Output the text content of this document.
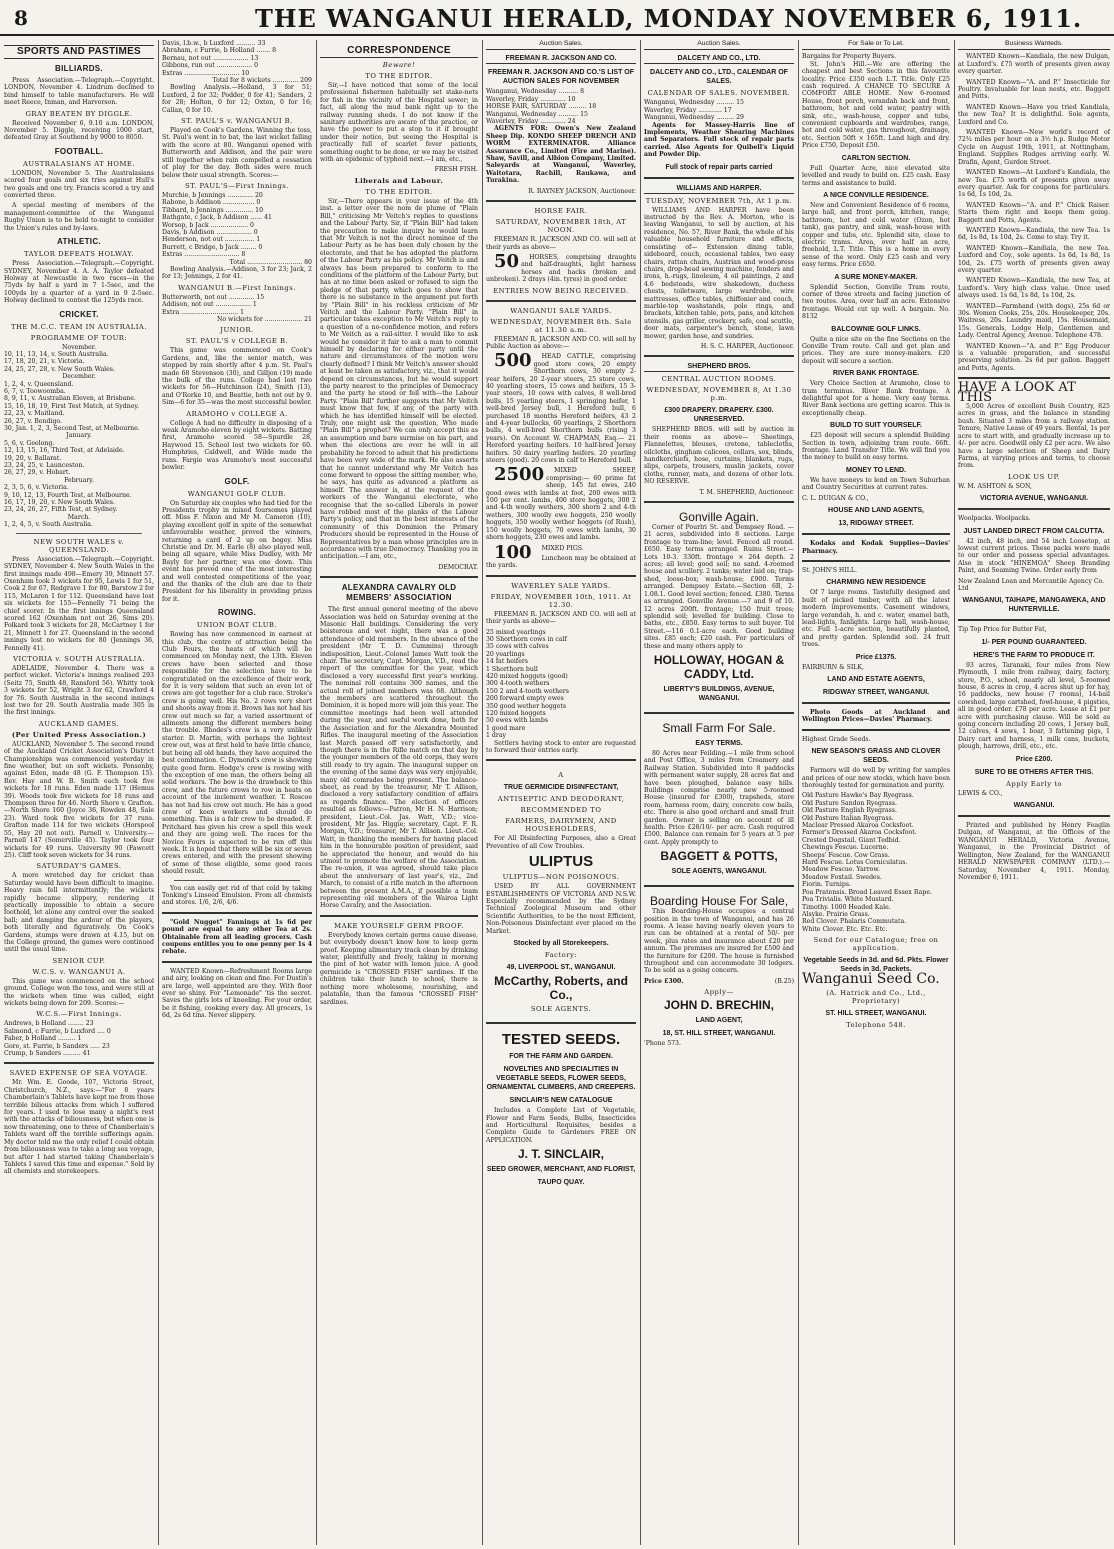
8	THE WANGANUI HERALD, MONDAY NOVEMBER 6, 1911.
SPORTS AND PASTIMES
BILLIARDS.

Press Association.—Telegraph.—Copyright. LONDON, November 4. Lindrum declined to bind himself to table manufacturers. He will meet Reece, Inman, and Harverson.

GRAY BEATEN BY DIGGLE.

Received November 6, 9.10 a.m. LONDON, November 5. Diggle, receiving 1000 start, defeated Gray at Southend by 9000 to 8050.

FOOTBALL.
AUSTRALASIANS AT HOME.

LONDON, November 5. The Australasians scored four goals and six tries against Hull's two goals and one try. Francis scored a try and converted three.

A special meeting of members of the management-committee of the Wanganui Rugby Union is to be held to-night to consider the Union's rules and by-laws.

ATHLETIC.
TAYLOR DEFEATS HOLWAY.

Press Association.—Telegraph.—Copyright. SYDNEY, November 4. A. A. Taylor defeated Holway at Newcastle in two races—in the 75yds by half a yard in 7 1-5sec, and the 100yds by a quarter of a yard in 9 2-5sec. Holway declined to contest the 125yds race.

CRICKET.
THE M.C.C. TEAM IN AUSTRALIA.
PROGRAMME OF TOUR:
November.
10, 11, 13, 14, v. South Australia.
17, 18, 20, 21, v. Victoria.
24, 25, 27, 28, v. New South Wales.
December.
1, 2, 4, v. Queensland.
6, 7, v. Toowoomba.
8, 9, 11, v. Australian Eleven, at Brisbane.
15, 16, 18, 19, First Test Match, at Sydney.
22, 23, v. Maitland.
26, 27, v. Bendigo.
30, Jan. 1, 2, 3, Second Test, at Melbourne.
January.
5, 6, v. Geelong.
12, 13, 15, 16, Third Test, at Adelaide.
19, 20, v. Ballarat.
23, 24, 25, v. Launceston.
26, 27, 29, v. Hobart.
February.
2, 3, 5, 6, v. Victoria.
9, 10, 12, 13, Fourth Test, at Melbourne.
16, 17, 19, 20, v. New South Wales.
23, 24, 26, 27, Fifth Test, at Sydney.
March.
1, 2, 4, 5, v. South Australia.
NEW SOUTH WALES v. QUEENSLAND.

Press Association.—Telegraph.—Copyright. SYDNEY, November 4. New South Wales in the first innings made 498—Emery 39, Minnett 57. Oxenham took 3 wickets for 95, Lewis 1 for 51, Cook 2 for 67, Redgrave 1 for 80, Barstow 2 for 115, McLaren 1 for 112. Queensland have lost six wickets for 155—Fennelly 71 being the chief scorer. In the first innings Queensland scored 162 (Oxenham not out 26, Sims 20). Folkard took 3 wickets for 28, McCartney 1 for 21, Minnett 1 for 27. Queensland in the second innings lost no wickets for 80 (Jennings 36, Fennelly 41).

VICTORIA v. SOUTH AUSTRALIA.

ADELAIDE, November 4. There was a perfect wicket. Victoria's innings realised 293 (Seitz 75, Smith 48, Ransford 56). Whitty took 3 wickets for 52, Wright 3 for 62, Crawford 4 for 76. South Australia in the second innings lost two for 29. South Australia made 305 in the first innings.

AUCKLAND GAMES.
(Per United Press Association.)

AUCKLAND, November 5. The second round of the Auckland Cricket Association's District Championships was commenced yesterday in fine weather, but on soft wickets. Ponsonby, against Eden, made 48 (G. F. Thompson 15). Rev. Hay and W. B. Smith each took five wickets for 18 runs. Eden made 117 (Hemus 39). Woods took five wickets for 18 runs and Thompson three for 46. North Shore v. Grafton.—North Shore 160 (Joyce 36, Rowden 48, Sale 23). Ward took five wickets for 37 runs. Grafton made 114 for two wickets (Horspool 55, Hay 20 not out). Parnell v. University.—Parnell 147 (Somerville 45). Taylor took four wickets for 49 runs. University 90 (Fawcett 25). Cliff took seven wickets for 34 runs.

SATURDAY'S GAMES.

A more wretched day for cricket than Saturday would have been difficult to imagine. Heavy rain fell intermittently; the wickets rapidly became slippery, rendering it practically impossible to obtain a secure foothold, let alone any control over the soaked ball; and damping the ardour of the players, both literally and figuratively. On Cook's Gardens, stumps were drawn at 4.15, but on the College ground, the games were continued until the usual time.

SENIOR CUP.
W.C.S. v. WANGANUI A.

This game was commenced on the school ground. College won the toss, and were still at the wickets when time was called, eight wickets being down for 209. Scores:—

W.C.S.—First Innings.
Andrews, b Holland ........ 23
Salmond, c Furrie, b Luxford .... 0
Faber, b Holland ......... 1
Gore, st. Furrie, b Sanders ..... 23
Crump, b Sanders ......... 41
SAVED EXPENSE OF SEA VOYAGE.

Mr. Wm. E. Goode, 107, Victoria Street, Christchurch, N.Z., says:—"For 8 years Chamberlain's Tablets have kept me from those terrible bilious attacks from which I suffered for years. I used to lose many a night's rest with the attacks of biliousness, but when one is now threatening, one to three of Chamberlain's Tablets ward off the terrible sufferings again. My doctor told me the only relief I could obtain from biliousness was to take a long sea voyage, but after I had started taking Chamberlain's Tablets I saved this time and expense." Sold by all chemists and storekeepers.

Davis, l.b.w., b Luxford .......... 33
Abraham, c Furrie, b Holland ....... 8
Bernau, not out .................. 13
Gibbons, run out .................. 0
Extras ............................ 10
Total for 8 wickets ............. 209

Bowling Analysis.—Holland, 3 for 51; Luxford, 2 for 32; Podder, 0 for 41; Sanders, 2 for 28; Holton, 0 for 12; Oxton, 0 for 16; Callan, 0 for 10.

ST. PAUL'S v. WANGANUI B.

Played on Cook's Gardens. Winning the toss, St. Paul's went in to bat, the last wicket falling with the score at 80. Wanganui opened with Butterworth and Addison, and the pair were still together when rain compelled a cessation of play for the day. Both sides were much below their usual strength. Scores:—

ST. PAUL'S—First Innings.
Murchie, b Jennings ............. 20
Rabone, b Addison ................ 0
Tibbard, b Jennings .............. 10
Bathgate, c Jack, b Addison ...... 41
Worsop, b Jack ................... 0
Davis, b Addison .................. 0
Henderson, not out ............... 1
Burrett, c Bridge, b Jack ........ 0
Extras ............................ 8
Total ............................ 80

Bowling Analysis.—Addison, 3 for 23; Jack, 2 for 13; Jennings, 2 for 41.

WANGANUI B.—First Innings.
Butterworth, not out ............. 15
Addison, not out .................. 1
Extra ............................. 1
No wickets for ................... 21
JUNIOR.
ST. PAUL'S v COLLEGE B.

This game was commenced on Cook's Gardens, and, like the senior match, was stopped by rain shortly after 4 p.m. St. Paul's made 68 Stevenson (30), and Gilljon (19) made the bulk of the runs. College had lost two wickets for 56—Hutchinson (24), Smith (13), and O'Rorke 10, and Beattie, both not out by 9. Sim—6 for 35—was the most successful bowler.

ARAMOHO v COLLEGE A.

College A had no difficulty in disposing of a weak Aramoho eleven by eight wickets. Batting first, Aramoho scored 58—Spurdle 28, Haywood 15. School lost two wickets for 60. Humphries, Caldwell, and Wilde made the runs. Fargie was Aramoho's most successful bowler.

GOLF.
WANGANUI GOLF CLUB.

On Saturday six couples who had tied for the Presidents trophy in mixed foursomes played off. Miss F. Nixon and Mr M. Cameron (10), playing excellent golf in spite of the somewhat unfavourable weather, proved the winners, returning a card of 2 up on bogey. Miss Christie and Dr. M. Earle (8) also played well, being all square, while Miss Dudley, with Mr Bayly for her partner, was one down. This event has proved one of the most interesting and well contested competitions of the year, and the thanks of the club are due to their President for his liberality in providing prizes for it.

ROWING.
UNION BOAT CLUB.

Rowing has now commenced in earnest at this club, the centre of attraction being the Club Fours, the heats of which will be commenced on Monday next, the 13th. Eleven crews have been selected and those responsible for the selection have to be congratulated on the excellence of their work, for it is very seldom that such an even lot of crews are got together for a club race. Stroke's crew is going well. His No. 2 rows very short and shoots away from it. Brown has not had his crew out much so far, a varied assortment of ailments among the different members being the trouble. Rhodes's crew is a very unlikely starter. D. Martin, with perhaps the lightest crew out, was at first held to have little chance, but being all old hands, they have acquired the best combination. C. Dymond's crew is showing quite good form. Hodge's crew is rowing with the exception of one man, the others being all solid workers. The bow is the drawback to this crew, and the future crews to row in heats on account of the inclement weather. T. Roscoe has not had his crew out much. He has a good crew of keen workers and should do something. This is a fair crew to be dreaded. F. Pritchard has given his crew a spell this week and they are going well. The races for the Novice Fours is expected to be run off this week. It is hoped that there will be six or seven crews entered, and with the present showing of some of those eligible, some good races should result.

You can easily get rid of that cold by taking Tonking's Linseed Emulsion. From all chemists and stores. 1/6, 2/6, 4/6.

"Gold Nugget" Fannings at 1s 6d per pound are equal to any other Tea at 2s. Obtainable from all leading grocers. Cash coupons entitles you to one penny per 1s 4 rebate.

WANTED Known—Refreshment Rooms large and airy, looking on clean and fine. For Dustin's are large, well appointed are they. With floor ever so shiny. For "Lemonade" 'tis the secret. Saves the girls lots of kneeling. For your order, be it fishing, cooking every day. All grocers, 1s 6d, 2s 6d tins. Never slippery.

CORRESPONDENCE
Beware!
TO THE EDITOR.

Sir,—I have noticed that some of the local professional fishermen habitually set stake-nets for fish in the vicinity of the Hospital sewer; in fact, all along the mud bank right up to the railway running sheds. I do not know if the sanitary authorities are aware of the practice, or have the power to put a stop to it if brought under their notice, but seeing the Hospital is practically full of scarlet fever patients, something ought to be done, or we may be visited with an epidemic of typhoid next.—I am, etc.,

FRESH FISH.
Liberals and Labour.
TO THE EDITOR.

Sir,—There appears in your issue of the 4th inst. a letter over the nom de plume of "Plain Bill," criticising Mr Veitch's replies to questions and the Labour Party. Sir, if "Plain Bill" had taken the precaution to make inquiry he would learn that Mr Veitch is not the direct nominee of the Labour Party as he has been duly chosen by the electorate, and that he has adopted the platform of the Labour Party as his policy. Mr Veitch is and always has been prepared to conform to the conditions of the platform of the Labour Party, but has at no time been asked or refused to sign the pledge of that party, which goes to show that there is no substance in the argument put forth by "Plain Bill" in his reckless criticism of Mr Veitch and the Labour Party. "Plain Bill" in particular takes exception to Mr Veitch's reply to a question of a no-confidence motion, and refers to Mr Veitch as a rail-sitter. I would like to ask would he consider it fair to ask a man to commit himself by declaring for either party until the nature and circumstances of the motion were clearly defined? I think Mr Veitch's answer should at least be taken as satisfactory, viz., that it would depend on circumstances, but he would support the party nearest to the principles of Democracy and the party he stood or fell with—the Labour Party. "Plain Bill" further suggests that Mr Veitch must know that few, if any, of the party with which he has identified himself will be elected. Truly, one might ask the question, Who made "Plain Bill" a prophet? We can only accept this as an assumption and bare surmise on his part, and when the elections are over he will in all probability be forced to admit that his predictions have been very wide of the mark. He also asserts that he cannot understand why Mr Veitch has come forward to oppose the sitting member, who, he says, has quite as advanced a platform as himself. The answer is, at the request of the workers of the Wanganui electorate, who recognise that the so-called Liberals in power have robbed most of the planks of the Labour Party's policy, and that in the best interests of the community of this Dominion the Primary Producers should be represented in the House of Representatives by a man whose principles are in accordance with true Democracy. Thanking you in anticipation.—I am, etc.,

DEMOCRAT.
ALEXANDRA CAVALRY OLD MEMBERS' ASSOCIATION

The first annual general meeting of the above Association was held on Saturday evening at the Masonic Hall buildings. Considering the very boisterous and wet night, there was a good attendance of old members. In the absence of the president (Mr T. D. Cummins) through indisposition, Lieut.-Colonel James Watt took the chair. The secretary, Capt. Morgan, V.D., read the report of the committee for the year, which disclosed a very successful first year's working. The nominal roll contains 300 names, and the actual roll of joined members was 68. Although the members are scattered throughout the Dominion, it is hoped more will join this year. The committee meetings had been well attended during the year, and useful work done, both for the Association and for the Alexandra Mounted Rifles. The inaugural meeting of the Association last March passed off very satisfactorily, and though there is in the Rifle match on that day by the younger members of the old corps, they were still ready to try again. The inaugural supper on the evening of the same days was very enjoyable, many old comrades being present. The balance-sheet, as read by the treasurer, Mr T. Allison, disclosed a very satisfactory condition of affairs as regards finance. The election of officers resulted as follows:—Patron, Mr H. N. Harrison; president, Lieut.-Col. Jas. Watt, V.D.; vice-president, Mr Jas. Higgie; secretary, Capt. F. R. Morgan, V.D.; treasurer, Mr T. Allison. Lieut.-Col. Watt, in thanking the members for having placed him in the honourable position of president, said he appreciated the honour, and would do his utmost to promote the welfare of the Association. The re-union, it was agreed, should take place about the anniversary of last year's, viz., 2nd March, to consist of a rifle match in the afternoon between the present A.M.A., if possible a team representing old members of the Wairoa Light Horse Cavalry, and the Association.

MAKE YOURSELF GERM PROOF.

Everybody knows certain germs cause disease, but everybody doesn't know how to keep germ proof. Keeping alimentary track clean by drinking water, plentifully and freely, taking in morning the pint of hot water with lemon juice. A good germicide is "CROSSED FISH" sardines. If the children take their lunch to school, there is nothing more wholesome, nourishing, and palatable, than the famous "CROSSED FISH" sardines.

Auction Sales.
FREEMAN R. JACKSON AND CO.
FREEMAN R. JACKSON AND CO.'S LIST OF AUCTION SALES FOR NOVEMBER
Wanganui, Wednesday .......... 8
Waverley, Friday ............. 10
HORSE FAIR, SATURDAY ......... 18
Wanganui, Wednesday .......... 15
Waverley, Friday ............. 24

AGENTS FOR: Owen's New Zealand Sheep Dip. KONDO SHEEP DRENCH AND WORM EXTERMINATOR. Alliance Assurance Co., Limited (Fire and Marine). Shaw, Savill, and Albion Company, Limited. Saleyards at Wanganui, Waverley, Waitotara, Rachill, Raukawa, and Turakina.

R. RAYNEY JACKSON, Auctioneer.
HORSE FAIR.
SATURDAY, NOVEMBER 18th, AT NOON.

FREEMAN R. JACKSON AND CO. will sell at their yards as above—

50 HORSES, comprising draughts and half-draughts, light harness horses and hacks (broken and unbroken). 2 drays (4in. tyres) in good order.

ENTRIES NOW BEING RECEIVED.
WANGANUI SALE YARDS.
WEDNESDAY, NOVEMBER 8th. Sale at 11.30 a.m.

FREEMAN R. JACKSON AND CO. will sell by Public Auction as above:—

500 HEAD CATTLE, comprising good store cows, 20 empty Shorthorn cows, 30 empty 2-year heifers, 20 2-year steers, 25 store cows, 40 yearling steers, 15 cows and heifers, 15 3-year steers, 10 cows with calves, 8 well-bred bulls, 15 yearling steers, 1 springing heifer, 1 well-bred Jersey bull, 1 Hereford bull, 6 purchased 18 months Hereford heifers, 43 2 and 4-year bullocks, 60 yearlings, 2 Shorthorn bulls, 4 well-bred Shorthorn bulls (rising 3 years). On Account W. CHAPMAN, Esq.— 21 Hereford yearling heifers. 10 half-bred Jersey heifers. 50 dairy yearling heifers. 20 yearling steers (good). 20 cows in calf to Hereford bull.

2500 MIXED SHEEP, comprising:— 60 prime fat sheep, 145 fat ewes, 240 good ewes with lambs at foot, 200 ewes with 100 per cent. lambs, 400 store hoggets, 300 2 and 4-th woolly wethers, 300 shorn 2 and 4-th wethers, 300 woolly ewe hoggets, 250 woolly hoggets, 350 woolly wether hoggets (of Rush), 150 woolly hoggets, 70 ewes with lambs, 30 shorn hoggets, 230 ewes and lambs.

100 MIXED PIGS.

Luncheon may be obtained at the yards.

WAVERLEY SALE YARDS.
FRIDAY, NOVEMBER 10th, 1911. At 12.30.

FREEMAN R. JACKSON AND CO. will sell at their yards as above—

25 mixed yearlings
30 Shorthorn cows in calf
35 cows with calves
20 yearlings
14 fat heifers
1 Shorthorn bull
420 mixed hoggets (good)
300 4-tooth wethers
150 2 and 4-tooth wethers
200 forward empty ewes
350 good wether hoggets
120 mixed hoggets
50 ewes with lambs
1 good mare
1 dray

Settlers having stock to enter are requested to forward their entries early.

A
TRUE GERMICIDE DISINFECTANT,
ANTISEPTIC AND DEODORANT,
RECOMMENDED TO
FARMERS, DAIRYMEN, AND HOUSEHOLDERS,

For All Disinfecting Purposes, also a Great Preventive of all Cow Troubles.

ULIPTUS
ULIPTUS—NON POISONOUS.

USED BY ALL GOVERNMENT ESTABLISHMENTS OF VICTORIA AND N.S.W. Especially recommended by the Sydney Technical Zoological Museum and other Scientific Authorities, to be the most Efficient, Non-Poisonous Disinfectant ever placed on the Market.

Stocked by all Storekeepers.
Factory:
49, LIVERPOOL ST., WANGANUI.
McCarthy, Roberts, and Co.,
SOLE AGENTS.
TESTED SEEDS.
FOR THE FARM AND GARDEN.
NOVELTIES AND SPECIALITIES IN VEGETABLE SEEDS, FLOWER SEEDS, ORNAMENTAL CLIMBERS, AND CREEPERS.
SINCLAIR'S NEW CATALOGUE

Includes a Complete List of Vegetable, Flower and Farm Seeds, Bulbs, Insecticides and Horticultural Requisites, besides a Complete Guide to Gardeners FREE ON APPLICATION.

J. T. SINCLAIR,
SEED GROWER, MERCHANT, AND FLORIST,
TAUPO QUAY.
Auction Sales.
DALCETY AND CO., LTD.
DALCETY AND CO., LTD., CALENDAR OF SALES.
CALENDAR OF SALES. NOVEMBER.
Wanganui, Wednesday ......... 15
Waverley, Friday ............ 17
Wanganui, Wednesday ......... 29

Agents for Massey-Harris line of Implements, Weather Shearing Machines and Separators. Full stock of repair parts carried. Also Agents for Quibell's Liquid and Powder Dip.

Full stock of repair parts carried
WILLIAMS AND HARPER.
TUESDAY, NOVEMBER 7th, At 1 p.m.

WILLIAMS AND HARPER have been instructed by the Rev. A. Morton, who is leaving Wanganui, to sell by auction, at his residence, No. 57, River Bank, the whole of his valuable household furniture and effects, consisting of— Extension dining table, sideboard, couch, occasional tables, two easy chairs, rattan chairs, Austrian and wood-press chairs, drop-head sewing machine, fenders and irons, h.-rugs, linoleum, 4 oil paintings, 2 and 4.6 bedsteads, wire shakedown, duchess chests, toiletware, large wardrobe, wire mattresses, office tables, chiffonier and couch, marble-top washstands, pole rings, and brackets, kitchen table, pots, pans, and kitchen utensils, gas griller, crockery, safe, coal scuttle, door mats, carpenter's bench, stone, lawn mower, garden hose, and sundries.

H. S. C. HARPER, Auctioneer.
SHEPHERD BROS.
CENTRAL AUCTION ROOMS.
WEDNESDAY, NOVEMBER 8, At 1.30 p.m.
£300 DRAPERY. DRAPERY. £300. UNRESERVED.

SHEPHERD BROS. will sell by auction in their rooms as above— Sheetings, Flannelettes, blouses, cretone, tablecloths, oilcloths, gingham calicoes, collars, sox, blinds, handkerchiefs, hose, curtains, blankets, rugs, slips, carpets, trousers, muslin jackets, cover cloths, runner, mats, and dozens of other lots. NO RESERVE.

T. M. SHEPHERD, Auctioneer.
Gonville Again.

Corner of Pourlri St. and Dempsey Road. —21 acres, subdivided into 8 sections. Large frontage to tram-line; level. Fenced all round. £650. Easy terms arranged. Ruinu Street.—Lots 10-3. 330ft. frontage × 264 depth. 2 acres; all level; good soil; no sand. 4-roomed house and scullery. 2 tanks; water laid on; trap-shed, loose-box; wash-house; £900. Terms arranged. Dempsey Estate.—Section 6B, 2-1.08.1. Good level section; fenced. £380. Terms as arranged. Gonville Avenue.—7 and 9 of 10. 12 acres 200ft. frontage; 150 fruit trees; splendid soil; levelled for building. Close to baths, etc., £850. Easy terms to suit buyer. Tol Street.—116 0.1-acre each. Good building sites. £85 each; £20 cash. For particulars of these and many others apply to

HOLLOWAY, HOGAN & CADDY, Ltd.
LIBERTY'S BUILDINGS, AVENUE, WANGANUI.
Small Farm For Sale.
EASY TERMS.

80 Acres near Feilding.—1 mile from school and Post Office, 3 miles from Creamery and Railway Station. Subdivided into 8 paddocks with permanent water supply, 28 acres flat and have been ploughed, balance easy hills. Buildings comprise nearly new 5-roomed House (insured for £300), trapsheds, store room, harness room, dairy, concrete cow bails, etc. There is also good orchard and small fruit garden. Owner is selling on account of ill health. Price £28/10/- per acre. Cash required £500. Balance can remain for 5 years at 5 per cent. Apply promptly to

BAGGETT & POTTS,
SOLE AGENTS, WANGANUI.
Boarding House For Sale,

This Boarding-House occupies a central position in the town of Wanganui, and has 26 rooms. A lease having nearly eleven years to run can be obtained at a rental of 50/- per week, plus rates and insurance about £20 per annum. The premises are insured for £500 and the furniture for £200. The house is furnished throughout and can accommodate 30 lodgers. To be sold as a going concern.

Price £300.	(B.25)
Apply—
JOHN D. BRECHIN,
LAND AGENT,
18, ST. HILL STREET, WANGANUI.
'Phone 573.
For Sale or To Let.
Bargains for Property Buyers.

St. John's Hill.—We are offering the cheapest and best Sections in this favourite locality. Price £350 each L.T. Title. Only £25 cash required. A CHANCE TO SECURE A COMFORT ABLE HOME. New 6-roomed House, front porch, verandah back and front, bathroom, hot and cold water, pantry with sink, etc., wash-house, copper and tubs, convenient cupboards and wardrobes, range, hot and cold water, gas throughout, drainage, etc. Section 50ft × 165ft. Land high and dry. Price £750, Deposit £50.

CARLTON SECTION.

Full Quarter Acre, nice elevated site levelled and ready to build on. £25 cash. Easy terms and assistance to build.

A NICE CONVILLE RESIDENCE.

New and Convenient Residence of 6 rooms, large hall, and front porch, kitchen, range, bathroom, hot and cold water (Ozon, hot tank), gas pantry, and sink, wash-house with copper and tubs, etc. Splendid site, close to electric trams. Area, over half an acre, freehold, L.T. Title. This is a home in every sense of the word. Only £25 cash and very easy terms. Price £650.

A SURE MONEY-MAKER.

Splendid Section, Gonville Tram route, corner of three streets and facing junction of two routes. Area, over half an acre. Extensive frontage. Would cut up well. A bargain. No. 8132

BALCOWNIE GOLF LINKS.

Quite a nice site on the fine Sections on the Gonville Tram route. Call and get plan and prices. They are sure money-makers. £20 deposit will secure a section.

RIVER BANK FRONTAGE.

Very Choice Section at Aramoho, close to tram terminus. River Bank frontage. A delightful spot for a home. Very easy terms. River Bank sections are getting scarce. This is exceptionally cheap.

BUILD TO SUIT YOURSELF.

£25 deposit will secure a splendid Building Section in town, adjoining tram route. 66ft. frontage. Land Transfer Title. We will find you the money to build on easy terms.

MONEY TO LEND.

We have moneys to lend on Town Suburban and Country Securities at current rates.

C. L. DUIGAN & CO.,
HOUSE AND LAND AGENTS,
13, RIDGWAY STREET.

Kodaks and Kodak Supplies—Davies' Pharmacy.

St. JOHN'S HILL.
CHARMING NEW RESIDENCE

Of 7 large rooms. Tastefully designed and built of picked timber, with all the latest modern improvements. Casement windows, large verandah, h. and c. water, enamel bath, lead-lights, fanlights. Large hall, wash-house, etc. Full 1-acre section, beautifully planted, and pretty garden. Splendid soil. 24 fruit trees.

Price £1375.
FAIRBURN & SILK,
LAND AND ESTATE AGENTS,
RIDGWAY STREET, WANGANUI.

Photo Goods at Auckland and Wellington Prices—Davies' Pharmacy.

Highest Grade Seeds.
NEW SEASON'S GRASS AND CLOVER SEEDS.

Farmers will do well by writing for samples and prices of our new stocks, which have been thoroughly tested for germination and purity.

Old Pasture Hawke's Bay Ryegrass.
Old Pasture Sandon Ryegrass.
Old Pasture English Ryegrass.
Old Pasture Italian Ryegrass.
Maclear Pressed Akaroa Cocksfoot.
Farmer's Dressed Akaroa Cocksfoot.
Crested Dogstail. Giant Tedbid.
Chewings Fescue. Lucerne.
Sheeps' Fescue. Cow Grass.
Hard Fescue. Lotus Corniculatus.
Meadow Fescue. Yarrow.
Meadow Foxtail. Swedes.
Fiorin. Turnips.
Poa Pratensis. Broad Leaved Essex Rape.
Poa Trivialis. White Mustard.
Timothy. 1000 Headed Kale.
Alsyke. Prairie Grass.
Red Clover. Phalaris Commutata.
White Clover. Etc. Etc. Etc.
Send for our Catalogue; free on application.
Vegetable Seeds in 3d. and 6d. Pkts. Flower Seeds in 3d. Packets.
Wanganui Seed Co.
(A. Hatrick and Co., Ltd., Proprietary)
ST. HILL STREET, WANGANUI.
Telephone 548.
Business Wanteds.

WANTED Known—Kandiala, the new Dulgan, at Luxford's. £75 worth of presents given away every quarter.

WANTED Known—"A. and P." Insecticide for Poultry. Invaluable for lean nests, etc. Baggett and Potts.

WANTED Known—Have you tried Kandiala, the new Tea? It is delightful. Sole agents, Luxford and Co.

WANTED Known—New world's record of 72¾ miles per hour on a 3½ h.p. Rudge Motor Cycle on August 19th, 1911, at Nottingham, England. Supplies Rudges arriving early. W. Drafin, Agent, Gurdon Street.

WANTED Known—At Luxford's Kandiala, the new Tea. £75 worth of presents given away every quarter. Ask for coupons for particulars. 1s 6d, 1s 10d, 2s.

WANTED Known—"A. and P." Chick Raiser. Starts them right and keeps them going. Baggett and Potts, Agents.

WANTED Known—Kandiala, the new Tea. 1s 6d, 1s 8d, 1s 10d, 2s. Come to stay. Try it.

WANTED Known—Kandiala, the new Tea. Luxford and Coy., sole agents. 1s 6d, 1s 8d, 1s 10d, 2s. £75 worth of presents given away every quarter.

WANTED Known—Kandiala, the new Tea, at Luxford's. Very high class value. Once used always used. 1s 6d, 1s 8d, 1s 10d, 2s.

WANTED—Farmhand (with dogs), 25s 6d or 30s. Women Cooks, 25s, 20s. Housekeeper, 20s. Waitress, 20s. Laundry maid, 15s. Housemaid, 15s. Generals, Lodge Help, Gentlemen and Lady. Central Agency, Avenue. Telephone 478.

WANTED Known—"A. and P." Egg Producer is a valuable preparation, and successful preserving solution. 2s 6d per gallon. Baggett and Potts, Agents.

HAVE A LOOK AT THIS

5,000 Acres of excellent Bush Country, 825 acres in grass, and the balance in standing bush. Situated 3 miles from a railway station. Tenure, Native Lease of 49 years. Rental, 1s per acre to start with, and gradually increase up to 4/- per acre. Goodwill only £2 per acre. We also have a large selection of Sheep and Dairy Farms, at varying prices and terms, to choose from.

LOOK US UP.
W. M. ASHTON & SON,
VICTORIA AVENUE, WANGANUI.
Woolpacks. Woolpacks.
JUST LANDED DIRECT FROM CALCUTTA.

42 inch, 48 inch, and 54 inch Loosetop, at lowest current prices. These packs were made to our order and possess special advantages. Also in stock "HINEMOA" Sheep Branding Paint, and Seaming Twine. Order early from

New Zealand Loan and Mercantile Agency Co. Ltd
WANGANUI, TAIHAPE, MANGAWEKA, AND HUNTERVILLE.
Tip Top Price for Butter Fat,
1/- PER POUND GUARANTEED.
HERE'S THE FARM TO PRODUCE IT.

93 acres, Taranaki, four miles from New Plymouth, 1 mile from railway, dairy, factory, store, P.O., school, nearly all level, 5-roomed house, 8 acres in crop, 4 acres shut up for hay, 16 paddocks, new house (7 rooms), 14-bail cowshed, large cartshed, fowl-house, 4 pigsties, all in good order. £78 per acre. Lease at £1 per acre with purchasing clause. Will be sold as going concern including 20 cows, 1 Jersey bull, 12 calves, 4 sows, 1 boar, 3 fattening pigs, 1 Dairy cart and harness, 1 milk cans, buckets, plough, harrows, drill, etc., etc.

Price £200.
SURE TO BE OTHERS AFTER THIS.
Apply Early to
LEWIS & CO.,
WANGANUI.

Printed and published by Henry Feaglin Dulgan, of Wanganui, at the Offices of the WANGANUI HERALD, Victoria Avenue, Wanganui, in the Provincial District of Wellington, New Zealand, for the WANGANUI HERALD NEWSPAPER COMPANY (LTD.).— Saturday, November 4, 1911. Monday, November 6, 1911.
